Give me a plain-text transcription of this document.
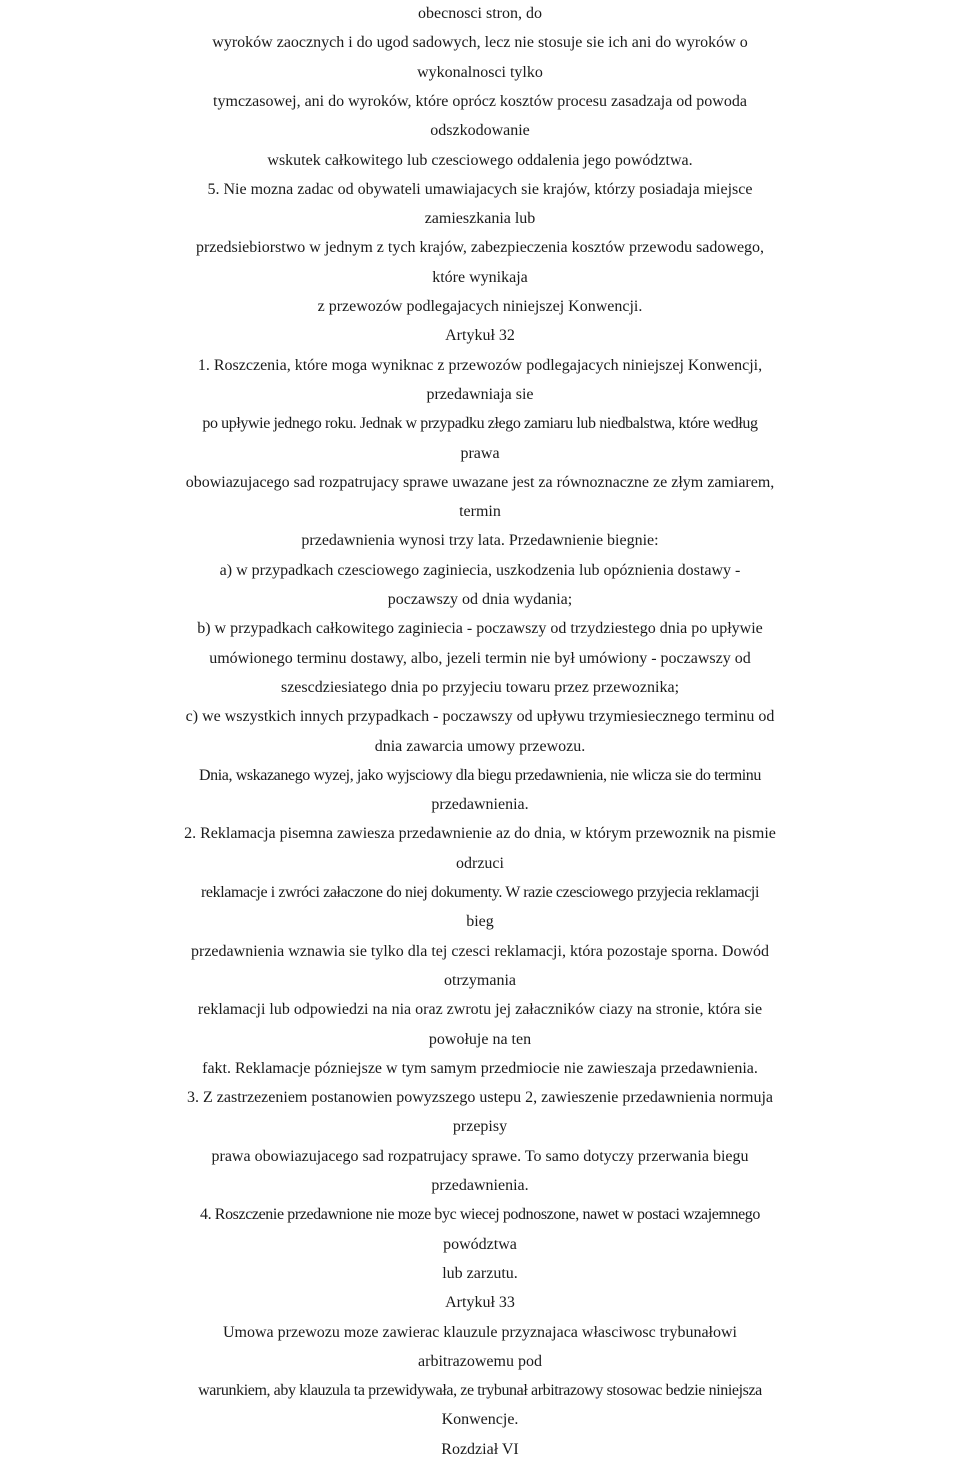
obecnosci stron, do
wyroków zaocznych i do ugod sadowych, lecz nie stosuje sie ich ani do wyroków o
wykonalnosci tylko
tymczasowej, ani do wyroków, które oprócz kosztów procesu zasadzaja od powoda
odszkodowanie
wskutek całkowitego lub czesciowego oddalenia jego powództwa.
5. Nie mozna zadac od obywateli umawiajacych sie krajów, którzy posiadaja miejsce
zamieszkania lub
przedsiebiorstwo w jednym z tych krajów, zabezpieczenia kosztów przewodu sadowego,
które wynikaja
z przewozów podlegajacych niniejszej Konwencji.
Artykuł 32
1. Roszczenia, które moga wyniknac z przewozów podlegajacych niniejszej Konwencji,
przedawniaja sie
po upływie jednego roku. Jednak w przypadku złego zamiaru lub niedbalstwa, które według
prawa
obowiazujacego sad rozpatrujacy sprawe uwazane jest za równoznaczne ze złym zamiarem,
termin
przedawnienia wynosi trzy lata. Przedawnienie biegnie:
a) w przypadkach czesciowego zaginiecia, uszkodzenia lub opóznienia dostawy -
poczawszy od dnia wydania;
b) w przypadkach całkowitego zaginiecia - poczawszy od trzydziestego dnia po upływie
umówionego terminu dostawy, albo, jezeli termin nie był umówiony - poczawszy od
szescdziesiatego dnia po przyjeciu towaru przez przewoznika;
c) we wszystkich innych przypadkach - poczawszy od upływu trzymiesiecznego terminu od
dnia zawarcia umowy przewozu.
Dnia, wskazanego wyzej, jako wyjsciowy dla biegu przedawnienia, nie wlicza sie do terminu
przedawnienia.
2. Reklamacja pisemna zawiesza przedawnienie az do dnia, w którym przewoznik na pismie
odrzuci
reklamacje i zwróci załaczone do niej dokumenty. W razie czesciowego przyjecia reklamacji
bieg
przedawnienia wznawia sie tylko dla tej czesci reklamacji, która pozostaje sporna. Dowód
otrzymania
reklamacji lub odpowiedzi na nia oraz zwrotu jej załaczników ciazy na stronie, która sie
powołuje na ten
fakt. Reklamacje pózniejsze w tym samym przedmiocie nie zawieszaja przedawnienia.
3. Z zastrzezeniem postanowien powyzszego ustepu 2, zawieszenie przedawnienia normuja
przepisy
prawa obowiazujacego sad rozpatrujacy sprawe. To samo dotyczy przerwania biegu
przedawnienia.
4. Roszczenie przedawnione nie moze byc wiecej podnoszone, nawet w postaci wzajemnego
powództwa
lub zarzutu.
Artykuł 33
Umowa przewozu moze zawierac klauzule przyznajaca własciwosc trybunałowi
arbitrazowemu pod
warunkiem, aby klauzula ta przewidywała, ze trybunał arbitrazowy stosowac bedzie niniejsza
Konwencje.
Rozdział VI
